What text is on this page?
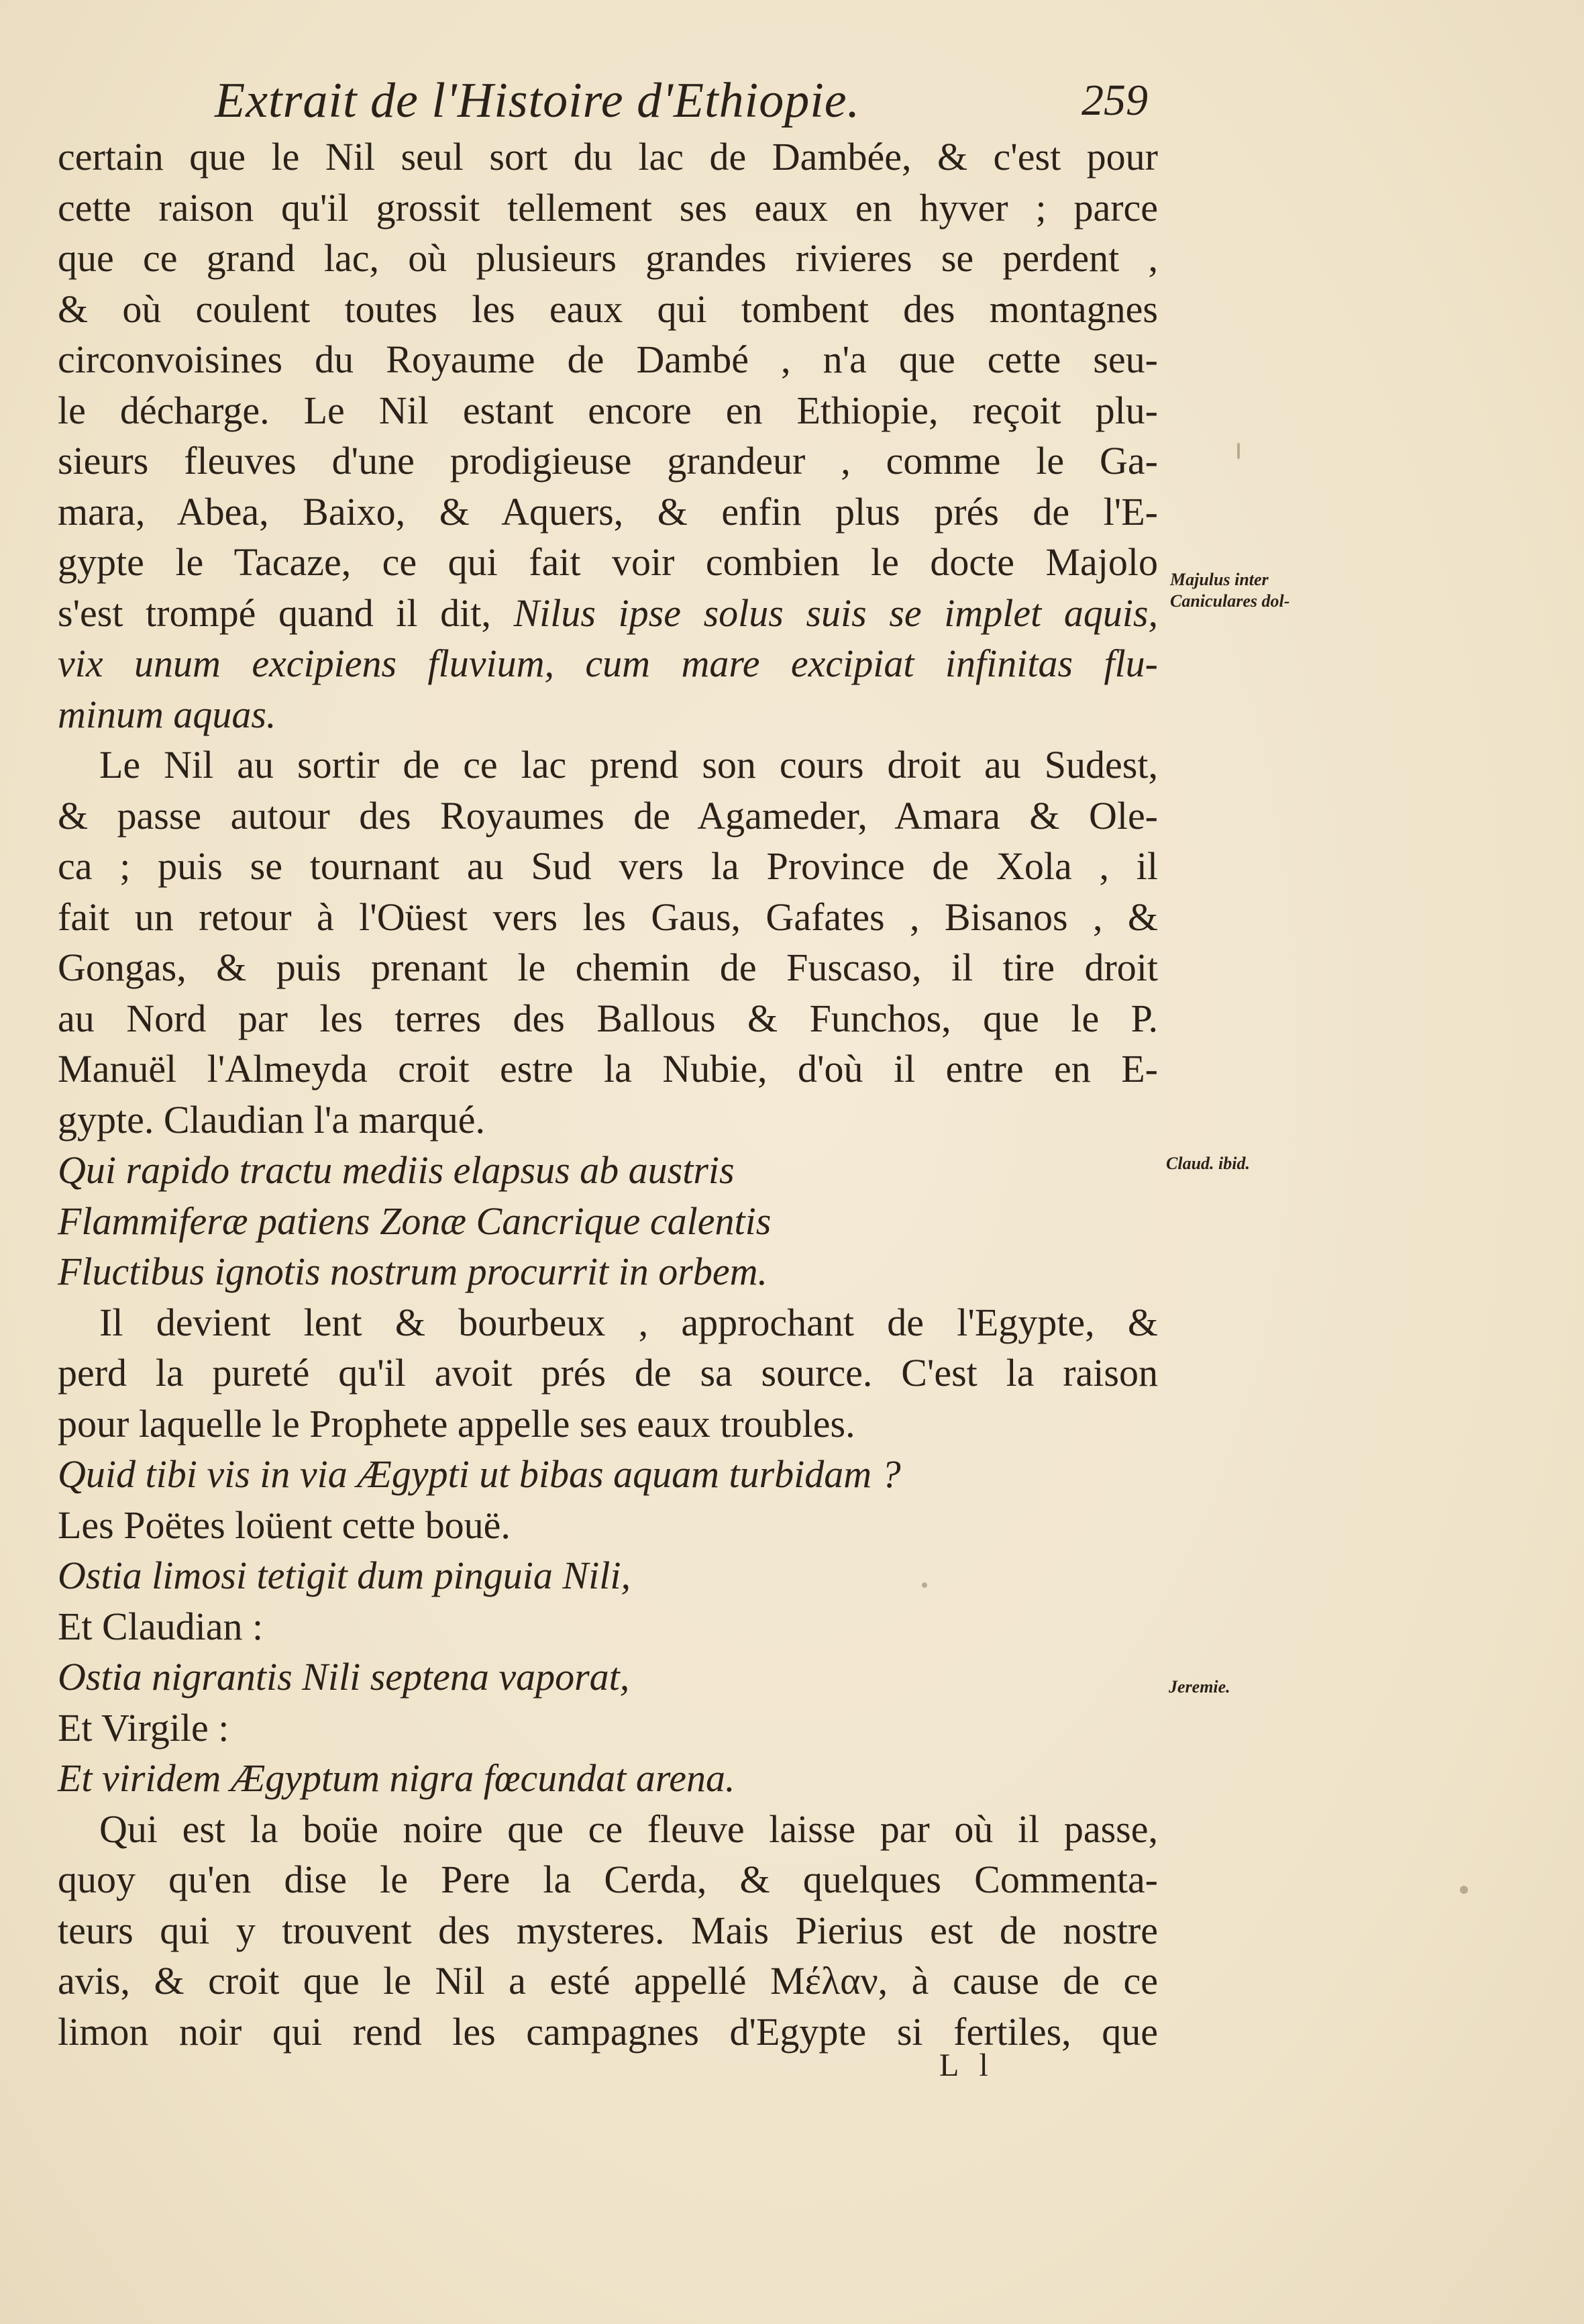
Extrait de l'Histoire d'Ethiopie.	259
certain que le Nil seul sort du lac de Dambée, & c'est pour
cette raison qu'il grossit tellement ses eaux en hyver ; parce
que ce grand lac, où plusieurs grandes rivieres se perdent ,
& où coulent toutes les eaux qui tombent des montagnes
circonvoisines du Royaume de Dambé , n'a que cette seu-
le décharge. Le Nil estant encore en Ethiopie, reçoit plu-
sieurs fleuves d'une prodigieuse grandeur , comme le Ga-
mara, Abea, Baixo, & Aquers, & enfin plus prés de l'E-
gypte le Tacaze, ce qui fait voir combien le docte Majolo
s'est trompé quand il dit, Nilus ipse solus suis se implet aquis,
vix unum excipiens fluvium, cum mare excipiat infinitas flu-
minum aquas.
Le Nil au sortir de ce lac prend son cours droit au Sudest,
& passe autour des Royaumes de Agameder, Amara & Ole-
ca ; puis se tournant au Sud vers la Province de Xola , il
fait un retour à l'Oüest vers les Gaus, Gafates , Bisanos , &
Gongas, & puis prenant le chemin de Fuscaso, il tire droit
au Nord par les terres des Ballous & Funchos, que le P.
Manuël l'Almeyda croit estre la Nubie, d'où il entre en E-
gypte. Claudian l'a marqué.
Qui rapido tractu mediis elapsus ab austris
Flammiferæ patiens Zonæ Cancrique calentis
Fluctibus ignotis nostrum procurrit in orbem.
Il devient lent & bourbeux , approchant de l'Egypte, &
perd la pureté qu'il avoit prés de sa source. C'est la raison
pour laquelle le Prophete appelle ses eaux troubles.
Quid tibi vis in via Ægypti ut bibas aquam turbidam ?
Les Poëtes loüent cette bouë.
Ostia limosi tetigit dum pinguia Nili,
Et Claudian :
Ostia nigrantis Nili septena vaporat,
Et Virgile :
Et viridem Ægyptum nigra fœcundat arena.
Qui est la boüe noire que ce fleuve laisse par où il passe,
quoy qu'en dise le Pere la Cerda, & quelques Commenta-
teurs qui y trouvent des mysteres. Mais Pierius est de nostre
avis, & croit que le Nil a esté appellé Μέλαν, à cause de ce
limon noir qui rend les campagnes d'Egypte si fertiles, que
Majulus inter
Caniculares dol-
Claud. ibid.
Jeremie.
L l
